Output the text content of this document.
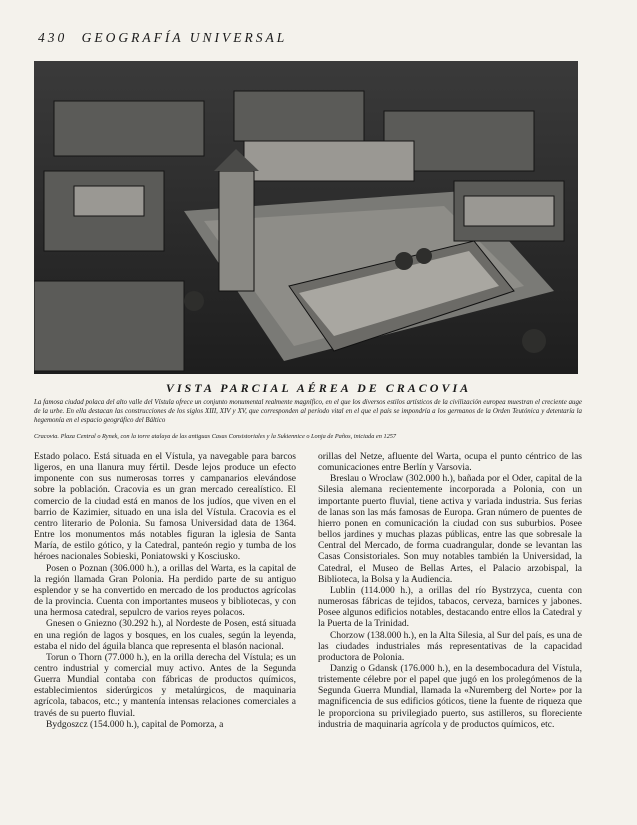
430 GEOGRAFÍA UNIVERSAL
VISTA PARCIAL AÉREA DE CRACOVIA
La famosa ciudad polaca del alto valle del Vístula ofrece un conjunto monumental realmente magnífico, en el que los diversos estilos artísticos de la civilización europea muestran el creciente auge de la urbe. En ella destacan las construcciones de los siglos XIII, XIV y XV, que corresponden al período vital en el que el país se impondría a los germanos de la Orden Teutónica y detentaría la hegemonía en el espacio geográfico del Báltico
Cracovia. Plaza Central o Rynek, con la torre atalaya de las antiguas Casas Consistoriales y la Sukiennice o Lonja de Paños, iniciada en 1257

Estado polaco. Está situada en el Vístula, ya navegable para barcos ligeros, en una llanura muy fértil. Desde lejos produce un efecto imponente con sus numerosas torres y campanarios elevándose sobre la población. Cracovia es un gran mercado cerealístico. El comercio de la ciudad está en manos de los judíos, que viven en el barrio de Kazimier, situado en una isla del Vístula. Cracovia es el centro literario de Polonia. Su famosa Universidad data de 1364. Entre los monumentos más notables figuran la iglesia de Santa María, de estilo gótico, y la Catedral, panteón regio y tumba de los héroes nacionales Sobieski, Poniatowski y Kosciusko.

Posen o Poznan (306.000 h.), a orillas del Warta, es la capital de la región llamada Gran Polonia. Ha perdido parte de su antiguo esplendor y se ha convertido en mercado de los productos agrícolas de la provincia. Cuenta con importantes museos y bibliotecas, y con una hermosa catedral, sepulcro de varios reyes polacos.

Gnesen o Gniezno (30.292 h.), al Nordeste de Posen, está situada en una región de lagos y bosques, en los cuales, según la leyenda, estaba el nido del águila blanca que representa el blasón nacional.

Torun o Thorn (77.000 h.), en la orilla derecha del Vístula; es un centro industrial y comercial muy activo. Antes de la Segunda Guerra Mundial contaba con fábricas de productos químicos, establecimientos siderúrgicos y metalúrgicos, de maquinaria agrícola, tabacos, etc.; y mantenía intensas relaciones comerciales a través de su puerto fluvial.

Bydgoszcz (154.000 h.), capital de Pomorza, a

orillas del Netze, afluente del Warta, ocupa el punto céntrico de las comunicaciones entre Berlín y Varsovia.

Breslau o Wroclaw (302.000 h.), bañada por el Oder, capital de la Silesia alemana recientemente incorporada a Polonia, con un importante puerto fluvial, tiene activa y variada industria. Sus ferias de lanas son las más famosas de Europa. Gran número de puentes de hierro ponen en comunicación la ciudad con sus suburbios. Posee bellos jardines y muchas plazas públicas, entre las que sobresale la Central del Mercado, de forma cuadrangular, donde se levantan las Casas Consistoriales. Son muy notables también la Universidad, la Catedral, el Museo de Bellas Artes, el Palacio arzobispal, la Biblioteca, la Bolsa y la Audiencia.

Lublin (114.000 h.), a orillas del río Bystrzyca, cuenta con numerosas fábricas de tejidos, tabacos, cerveza, barnices y jabones. Posee algunos edificios notables, destacando entre ellos la Catedral y la Puerta de la Trinidad.

Chorzow (138.000 h.), en la Alta Silesia, al Sur del país, es una de las ciudades industriales más representativas de la capacidad productora de Polonia.

Danzig o Gdansk (176.000 h.), en la desembocadura del Vístula, tristemente célebre por el papel que jugó en los prolegómenos de la Segunda Guerra Mundial, llamada la «Nuremberg del Norte» por la magnificencia de sus edificios góticos, tiene la fuente de riqueza que le proporciona su privilegiado puerto, sus astilleros, su floreciente industria de maquinaria agrícola y de productos químicos, etc.
